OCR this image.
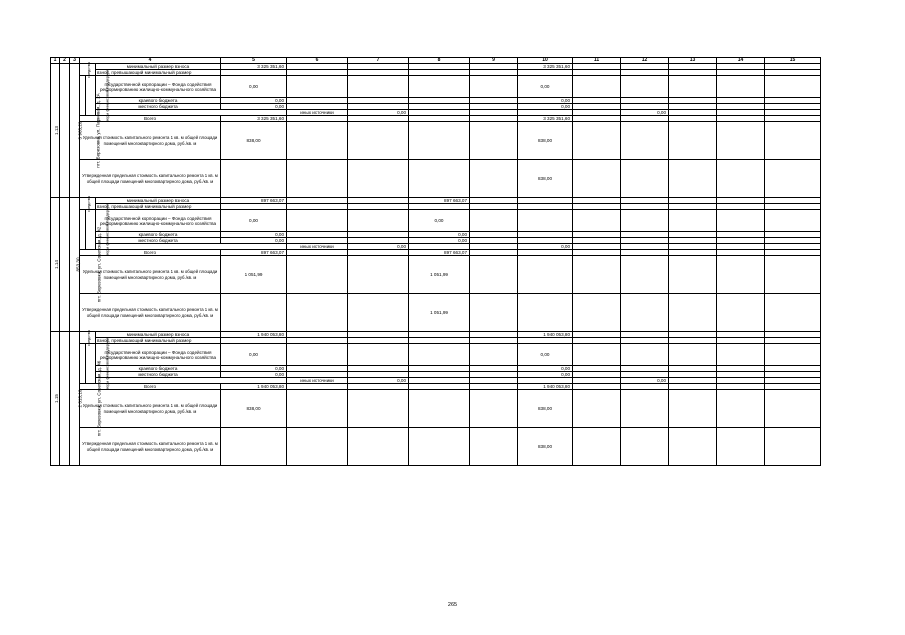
1	2	3	4			5	6	7	8	9	10	11	12	13	14	15	
1.13	пгт. Березовка, ул. Парковая, д. 2А	3 963,20	средства		минимальный размер взноса	3 325 351,60					3 325 351,60						
					взнос, превышающий минимальный размер												
			меры финансовой поддержки		государственной корпорации – Фонда содействия реформированию жилищно-коммунального хозяйства	0,00					0,00						
					краевого бюджета	0,00					0,00						
					местного бюджета	0,00					0,00						
							иных источники	0,00					0,00					
			Всего			3 325 351,60					3 325 351,60						
			Удельная стоимость капитального ремонта 1 кв. м общей площади помещений многоквартирного дома, руб./кв. м			838,00					838,00						
			Утвержденная предельная стоимость капитального ремонта 1 кв. м общей площади помещений многоквартирного дома, руб./кв. м								838,00						
1.14	пгт. Березовка, ул. Советская, д. 42	853,30	средства		минимальный размер взноса	897 663,07			897 663,07								
					взнос, превышающий минимальный размер												
			меры финансовой поддержки		государственной корпорации – Фонда содействия реформированию жилищно-коммунального хозяйства	0,00			0,00								
					краевого бюджета	0,00			0,00								
					местного бюджета	0,00			0,00								
							иных источники	0,00			0,00							
			Всего			897 663,07			897 663,07								
			Удельная стоимость капитального ремонта 1 кв. м общей площади помещений многоквартирного дома, руб./кв. м			1 051,99			1 051,99								
			Утвержденная предельная стоимость капитального ремонта 1 кв. м общей площади помещений многоквартирного дома, руб./кв. м						1 051,99								
1.15	пгт. Березовка, ул. Советская, д. 46	2 315,10	средства		минимальный размер взноса	1 940 053,80					1 940 053,80						
					взнос, превышающий минимальный размер												
			меры финансовой поддержки		государственной корпорации – Фонда содействия реформированию жилищно-коммунального хозяйства	0,00					0,00						
					краевого бюджета	0,00					0,00						
					местного бюджета	0,00					0,00						
							иных источники	0,00					0,00					
			Всего			1 940 053,80					1 940 053,80						
			Удельная стоимость капитального ремонта 1 кв. м общей площади помещений многоквартирного дома, руб./кв. м			838,00					838,00						
			Утвержденная предельная стоимость капитального ремонта 1 кв. м общей площади помещений многоквартирного дома, руб./кв. м								838,00						
265
